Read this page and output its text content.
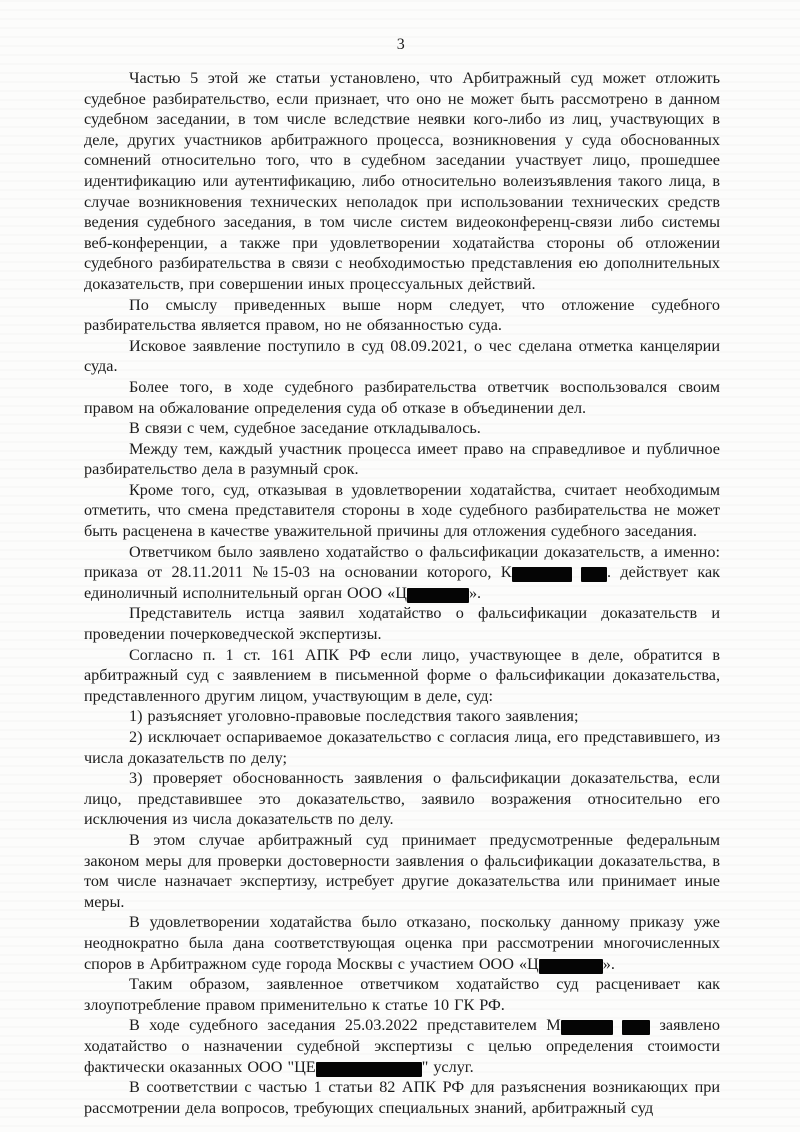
3

Частью 5 этой же статьи установлено, что Арбитражный суд может отложить судебное разбирательство, если признает, что оно не может быть рассмотрено в данном судебном заседании, в том числе вследствие неявки кого-либо из лиц, участвующих в деле, других участников арбитражного процесса, возникновения у суда обоснованных сомнений относительно того, что в судебном заседании участвует лицо, прошедшее идентификацию или аутентификацию, либо относительно волеизъявления такого лица, в случае возникновения технических неполадок при использовании технических средств ведения судебного заседания, в том числе систем видеоконференц-связи либо системы веб-конференции, а также при удовлетворении ходатайства стороны об отложении судебного разбирательства в связи с необходимостью представления ею дополнительных доказательств, при совершении иных процессуальных действий.

По смыслу приведенных выше норм следует, что отложение судебного разбирательства является правом, но не обязанностью суда.

Исковое заявление поступило в суд 08.09.2021, о чес сделана отметка канцелярии суда.

Более того, в ходе судебного разбирательства ответчик воспользовался своим правом на обжалование определения суда об отказе в объединении дел.

В связи с чем, судебное заседание откладывалось.

Между тем, каждый участник процесса имеет право на справедливое и публичное разбирательство дела в разумный срок.

Кроме того, суд, отказывая в удовлетворении ходатайства, считает необходимым отметить, что смена представителя стороны в ходе судебного разбирательства не может быть расценена в качестве уважительной причины для отложения судебного заседания.

Ответчиком было заявлено ходатайство о фальсификации доказательств, а именно: приказа от 28.11.2011 №15-03 на основании которого, К	. действует как единоличный исполнительный орган ООО «Ц	».

Представитель истца заявил ходатайство о фальсификации доказательств и проведении почерковедческой экспертизы.

Согласно п. 1 ст. 161 АПК РФ если лицо, участвующее в деле, обратится в арбитражный суд с заявлением в письменной форме о фальсификации доказательства, представленного другим лицом, участвующим в деле, суд:

1) разъясняет уголовно-правовые последствия такого заявления;

2) исключает оспариваемое доказательство с согласия лица, его представившего, из числа доказательств по делу;

3) проверяет обоснованность заявления о фальсификации доказательства, если лицо, представившее это доказательство, заявило возражения относительно его исключения из числа доказательств по делу.

В этом случае арбитражный суд принимает предусмотренные федеральным законом меры для проверки достоверности заявления о фальсификации доказательства, в том числе назначает экспертизу, истребует другие доказательства или принимает иные меры.

В удовлетворении ходатайства было отказано, поскольку данному приказу уже неоднократно была дана соответствующая оценка при рассмотрении многочисленных споров в Арбитражном суде города Москвы с участием ООО «Ц	».

Таким образом, заявленное ответчиком ходатайство суд расценивает как злоупотребление правом применительно к статье 10 ГК РФ.

В ходе судебного заседания 25.03.2022 представителем М	заявлено ходатайство о назначении судебной экспертизы с целью определения стоимости фактически оказанных ООО "ЦЕ	" услуг.

В соответствии с частью 1 статьи 82 АПК РФ для разъяснения возникающих при рассмотрении дела вопросов, требующих специальных знаний, арбитражный суд
